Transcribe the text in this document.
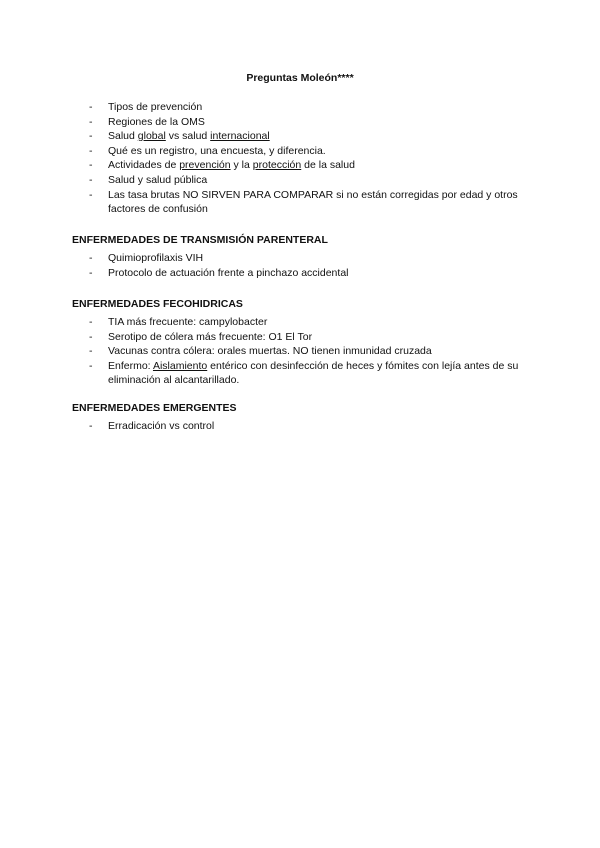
Preguntas Moleón****
- Tipos de prevención
- Regiones de la OMS
- Salud global vs salud internacional
- Qué es un registro, una encuesta, y diferencia.
- Actividades de prevención y la protección de la salud
- Salud y salud pública
- Las tasa brutas NO SIRVEN PARA COMPARAR si no están corregidas por edad y otros factores de confusión
ENFERMEDADES DE TRANSMISIÓN PARENTERAL
- Quimioprofilaxis VIH
- Protocolo de actuación frente a pinchazo accidental
ENFERMEDADES FECOHIDRICAS
- TIA más frecuente: campylobacter
- Serotipo de cólera más frecuente: O1 El Tor
- Vacunas contra cólera: orales muertas. NO tienen inmunidad cruzada
- Enfermo: Aislamiento entérico con desinfección de heces y fómites con lejía antes de su eliminación al alcantarillado.
ENFERMEDADES EMERGENTES
- Erradicación vs control
